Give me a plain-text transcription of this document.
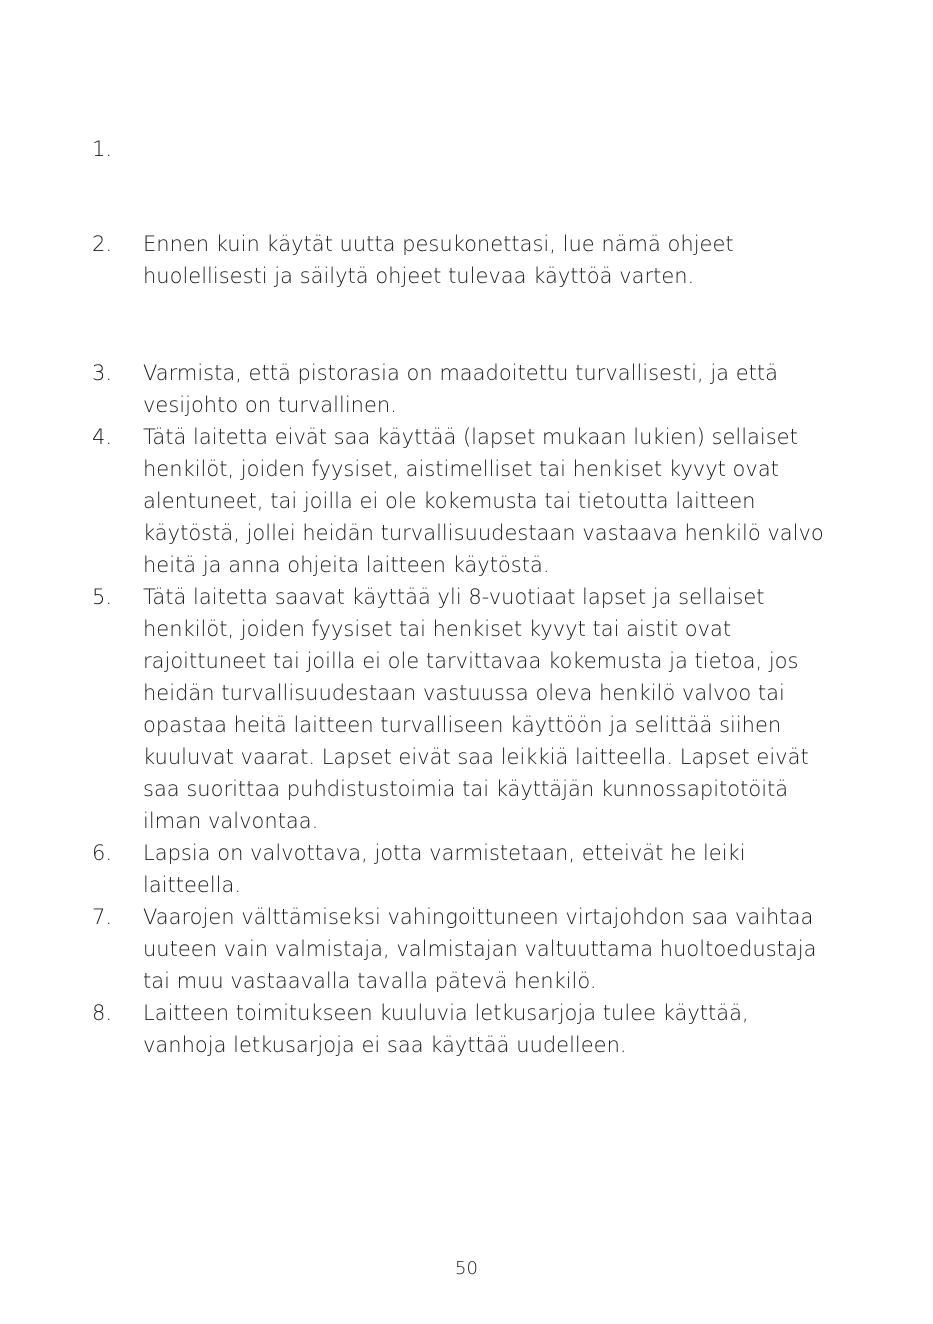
1.
2.	Ennen kuin käytät uutta pesukonettasi, lue nämä ohjeet
huolellisesti ja säilytä ohjeet tulevaa käyttöä varten.
3.	Varmista, että pistorasia on maadoitettu turvallisesti, ja että
vesijohto on turvallinen.
4.	Tätä laitetta eivät saa käyttää (lapset mukaan lukien) sellaiset
henkilöt, joiden fyysiset, aistimelliset tai henkiset kyvyt ovat
alentuneet, tai joilla ei ole kokemusta tai tietoutta laitteen
käytöstä, jollei heidän turvallisuudestaan vastaava henkilö valvo
heitä ja anna ohjeita laitteen käytöstä.
5.	Tätä laitetta saavat käyttää yli 8-vuotiaat lapset ja sellaiset
henkilöt, joiden fyysiset tai henkiset kyvyt tai aistit ovat
rajoittuneet tai joilla ei ole tarvittavaa kokemusta ja tietoa, jos
heidän turvallisuudestaan vastuussa oleva henkilö valvoo tai
opastaa heitä laitteen turvalliseen käyttöön ja selittää siihen
kuuluvat vaarat. Lapset eivät saa leikkiä laitteella. Lapset eivät
saa suorittaa puhdistustoimia tai käyttäjän kunnossapitotöitä
ilman valvontaa.
6.	Lapsia on valvottava, jotta varmistetaan, etteivät he leiki
laitteella.
7.	Vaarojen välttämiseksi vahingoittuneen virtajohdon saa vaihtaa
uuteen vain valmistaja, valmistajan valtuuttama huoltoedustaja
tai muu vastaavalla tavalla pätevä henkilö.
8.	Laitteen toimitukseen kuuluvia letkusarjoja tulee käyttää,
vanhoja letkusarjoja ei saa käyttää uudelleen.
50
